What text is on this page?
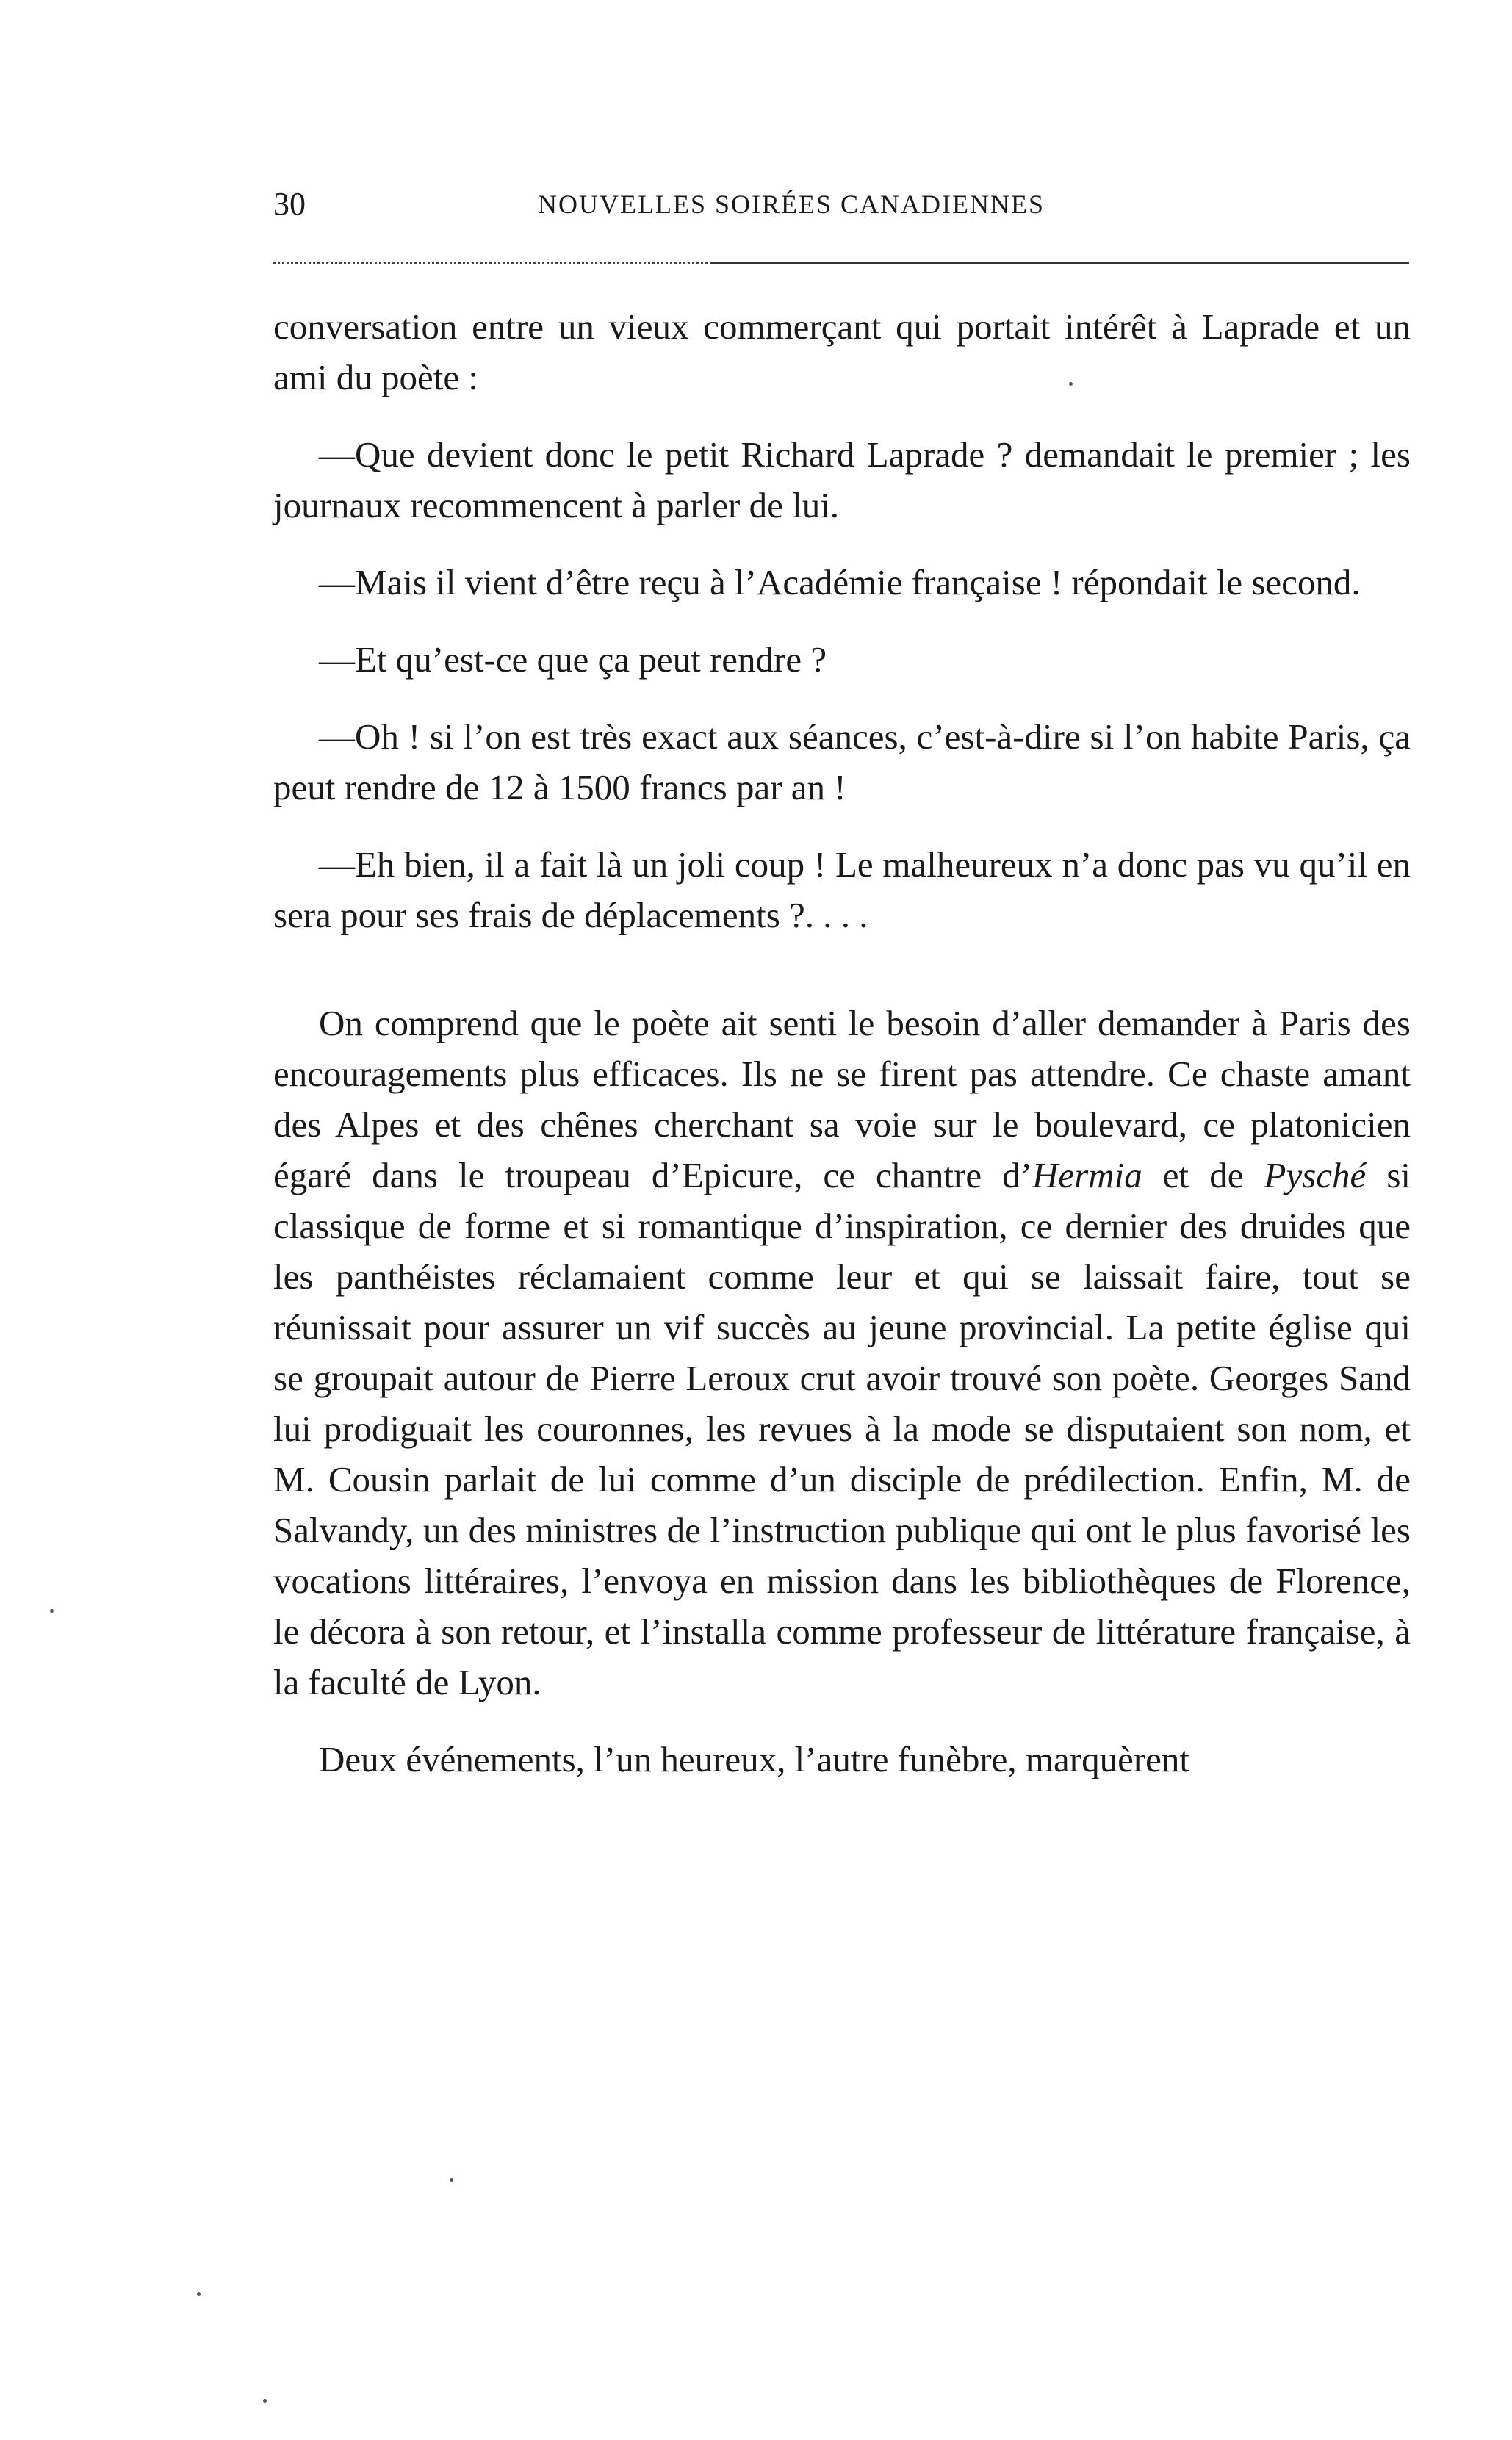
30	NOUVELLES SOIRÉES CANADIENNES

conversation entre un vieux commerçant qui portait intérêt à Laprade et un ami du poète :

—Que devient donc le petit Richard Laprade ? demandait le premier ; les journaux recommencent à parler de lui.

—Mais il vient d’être reçu à l’Académie française ! répondait le second.

—Et qu’est-ce que ça peut rendre ?

—Oh ! si l’on est très exact aux séances, c’est-à-dire si l’on habite Paris, ça peut rendre de 12 à 1500 francs par an !

—Eh bien, il a fait là un joli coup ! Le malheureux n’a donc pas vu qu’il en sera pour ses frais de déplacements ?. . . .

On comprend que le poète ait senti le besoin d’aller demander à Paris des encouragements plus efficaces. Ils ne se firent pas attendre. Ce chaste amant des Alpes et des chênes cherchant sa voie sur le boulevard, ce platonicien égaré dans le troupeau d’Epicure, ce chantre d’Hermia et de Pysché si classique de forme et si romantique d’inspiration, ce dernier des druides que les panthéistes réclamaient comme leur et qui se laissait faire, tout se réunissait pour assurer un vif succès au jeune provincial. La petite église qui se groupait autour de Pierre Leroux crut avoir trouvé son poète. Georges Sand lui prodiguait les couronnes, les revues à la mode se disputaient son nom, et M. Cousin parlait de lui comme d’un disciple de prédilection. Enfin, M. de Salvandy, un des ministres de l’instruction publique qui ont le plus favorisé les vocations littéraires, l’envoya en mission dans les bibliothèques de Florence, le décora à son retour, et l’installa comme professeur de littérature française, à la faculté de Lyon.

Deux événements, l’un heureux, l’autre funèbre, marquèrent
